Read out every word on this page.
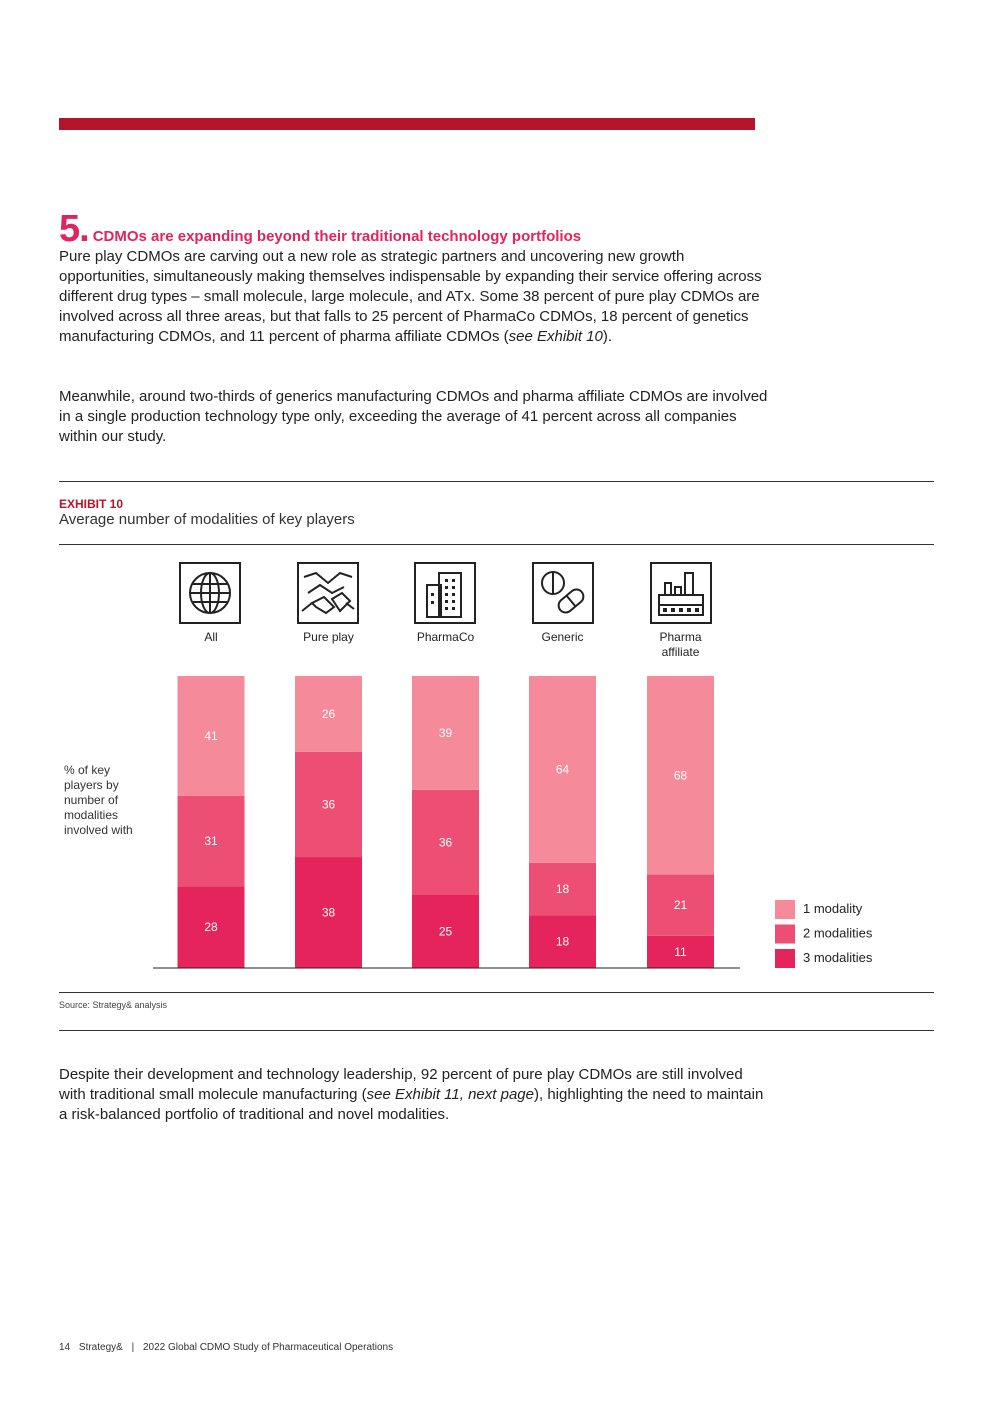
5. CDMOs are expanding beyond their traditional technology portfolios
Pure play CDMOs are carving out a new role as strategic partners and uncovering new growth opportunities, simultaneously making themselves indispensable by expanding their service offering across different drug types – small molecule, large molecule, and ATx. Some 38 percent of pure play CDMOs are involved across all three areas, but that falls to 25 percent of PharmaCo CDMOs, 18 percent of genetics manufacturing CDMOs, and 11 percent of pharma affiliate CDMOs (see Exhibit 10).
Meanwhile, around two-thirds of generics manufacturing CDMOs and pharma affiliate CDMOs are involved in a single production technology type only, exceeding the average of 41 percent across all companies within our study.
EXHIBIT 10
Average number of modalities of key players
% of key players by number of modalities involved with
28
31
41
38
36
26
25
36
39
18
18
64
11
21
68
All	Pure play	PharmaCo	Generic	Pharma affiliate
1 modality
2 modalities
3 modalities
Source: Strategy& analysis
Despite their development and technology leadership, 92 percent of pure play CDMOs are still involved with traditional small molecule manufacturing (see Exhibit 11, next page), highlighting the need to maintain a risk-balanced portfolio of traditional and novel modalities.
14 Strategy& | 2022 Global CDMO Study of Pharmaceutical Operations
